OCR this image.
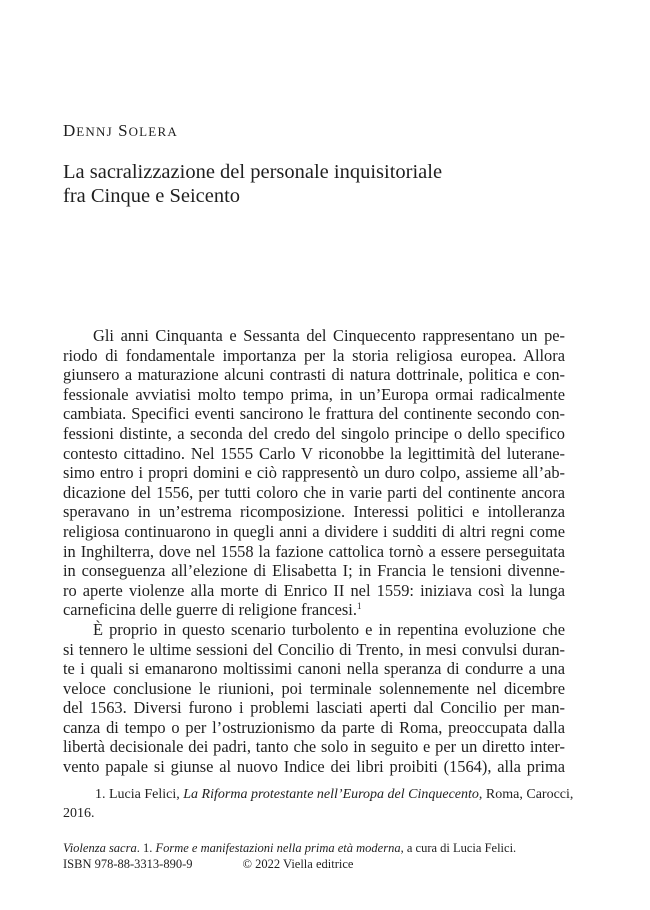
DENNJ SOLERA
La sacralizzazione del personale inquisitoriale
fra Cinque e Seicento
Gli anni Cinquanta e Sessanta del Cinquecento rappresentano un pe-
riodo di fondamentale importanza per la storia religiosa europea. Allora
giunsero a maturazione alcuni contrasti di natura dottrinale, politica e con-
fessionale avviatisi molto tempo prima, in un’Europa ormai radicalmente
cambiata. Specifici eventi sancirono le frattura del continente secondo con-
fessioni distinte, a seconda del credo del singolo principe o dello specifico
contesto cittadino. Nel 1555 Carlo V riconobbe la legittimità del luterane-
simo entro i propri domini e ciò rappresentò un duro colpo, assieme all’ab-
dicazione del 1556, per tutti coloro che in varie parti del continente ancora
speravano in un’estrema ricomposizione. Interessi politici e intolleranza
religiosa continuarono in quegli anni a dividere i sudditi di altri regni come
in Inghilterra, dove nel 1558 la fazione cattolica tornò a essere perseguitata
in conseguenza all’elezione di Elisabetta I; in Francia le tensioni divenne-
ro aperte violenze alla morte di Enrico II nel 1559: iniziava così la lunga
carneficina delle guerre di religione francesi.$^1$
È proprio in questo scenario turbolento e in repentina evoluzione che
si tennero le ultime sessioni del Concilio di Trento, in mesi convulsi duran-
te i quali si emanarono moltissimi canoni nella speranza di condurre a una
veloce conclusione le riunioni, poi terminale solennemente nel dicembre
del 1563. Diversi furono i problemi lasciati aperti dal Concilio per man-
canza di tempo o per l’ostruzionismo da parte di Roma, preoccupata dalla
libertà decisionale dei padri, tanto che solo in seguito e per un diretto inter-
vento papale si giunse al nuovo Indice dei libri proibiti (1564), alla prima
1. Lucia Felici, La Riforma protestante nell’Europa del Cinquecento, Roma, Carocci,
2016.
Violenza sacra. 1. Forme e manifestazioni nella prima età moderna, a cura di Lucia Felici.
ISBN 978-88-3313-890-9	© 2022 Viella editrice
